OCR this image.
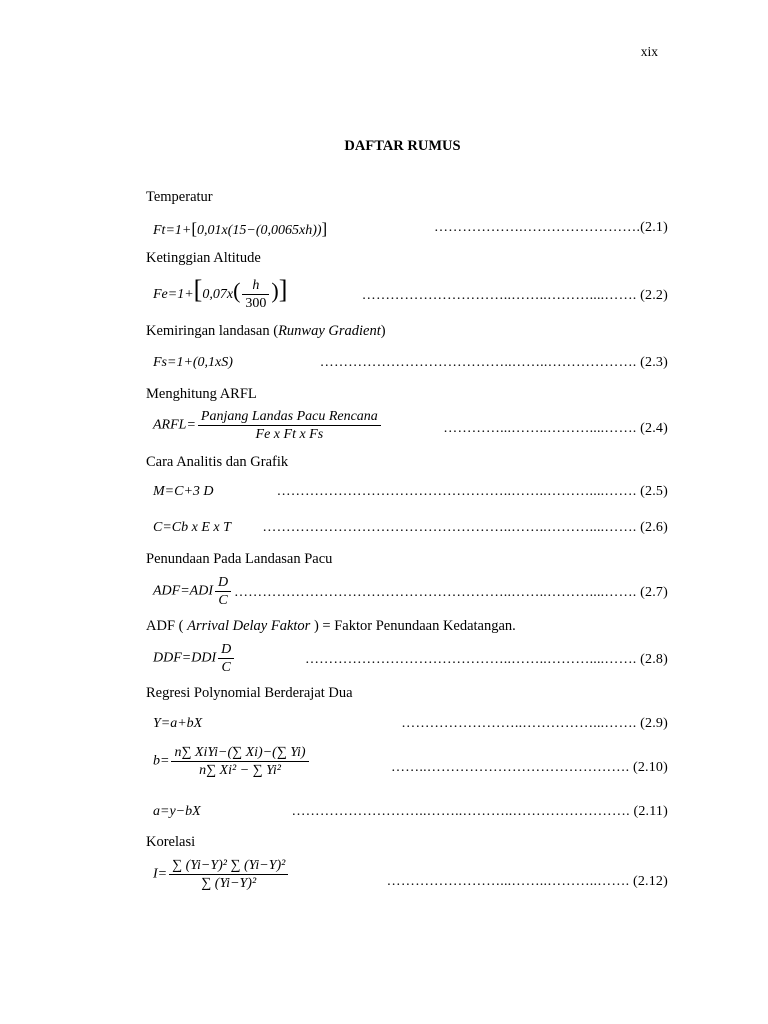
xix
DAFTAR RUMUS
Temperatur
Ft=1+[0,01x(15−(0,0065xh))]	……………….…………………….(2.1)
Ketinggian Altitude
$Fe=1+[0,07x( \frac{h}{300}$ )]	…………………………..……..………....……. (2.2)
Kemiringan landasan (Runway Gradient)
Fs=1+(0,1xS)	…………………………………..……..………………. (2.3)
Menghitung ARFL
ARFL= $\frac{\text{Panjang Landas Pacu Rencana}}{\text{Fe x Ft x Fs}}$	…………...……..………....……. (2.4)
Cara Analitis dan Grafik
M=C+3 D	…………………………………………..……..………....……. (2.5)
C=Cb x E x T ……………………………………………..……..………....……. (2.6)
Penundaan Pada Landasan Pacu
$ADF=ADI \frac{D}{C}$ …………………………………………………..……..………....……. (2.7)
ADF ( Arrival Delay Faktor ) = Faktor Penundaan Kedatangan.
$DDF=DDI \frac{D}{C}$	……………………………………..……..………....……. (2.8)
Regresi Polynomial Berderajat Dua
Y=a+bX	……………………..……………...……. (2.9)
$b= \frac{\text{n∑ XiYi−(∑ Xi)−(∑ Yi)}}{\text{n∑ Xi² − ∑ Yi²}}$	……..……………………………………. (2.10)
a=y−bX	………………………..……..………..……………………. (2.11)
Korelasi
$I= \frac{\text{∑ (Yi−Y)² ∑ (Yi−Y)²}}{\text{∑ (Yi−Y)²}}$	……………………...……..………..……. (2.12)
